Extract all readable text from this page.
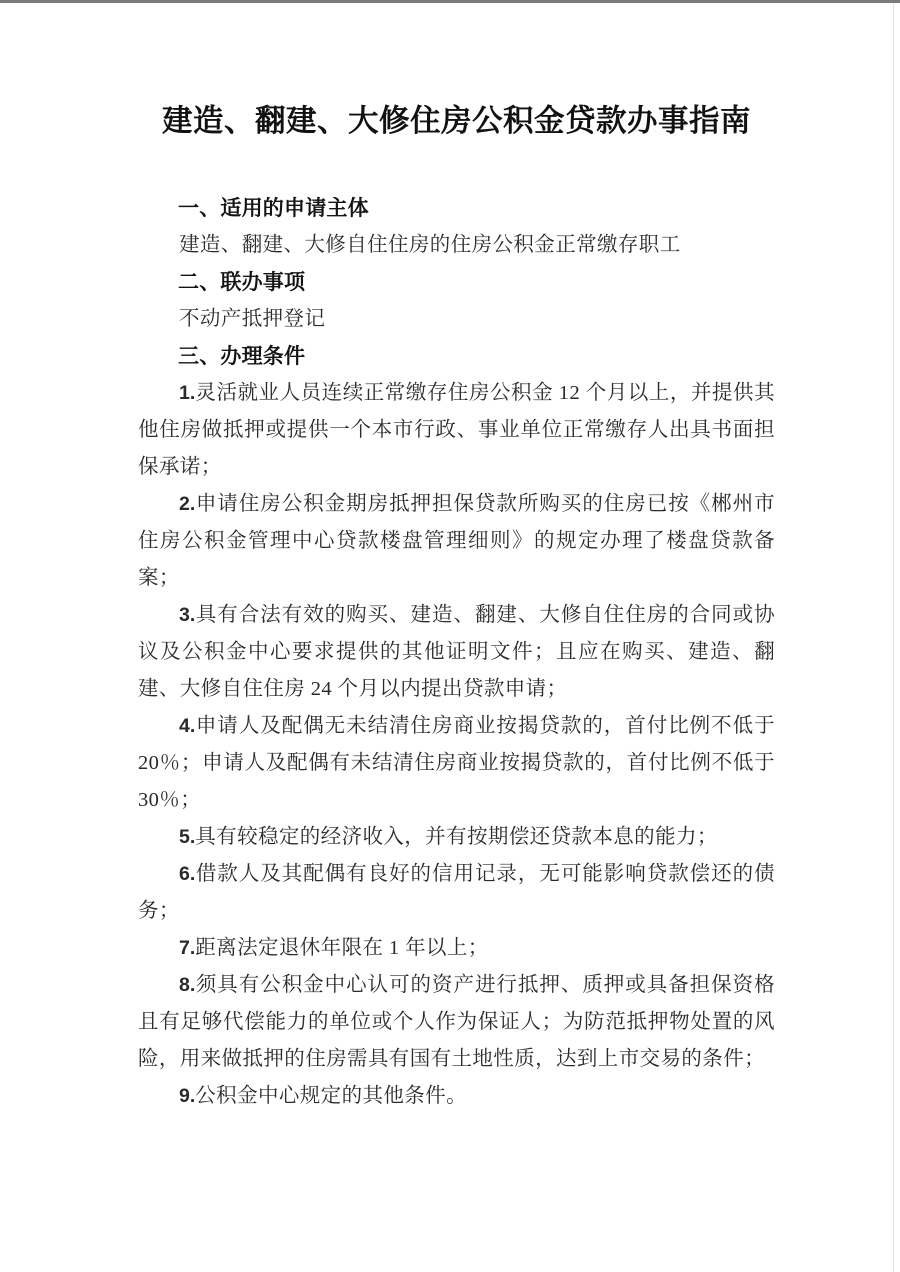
建造、翻建、大修住房公积金贷款办事指南
一、适用的申请主体
建造、翻建、大修自住住房的住房公积金正常缴存职工
二、联办事项
不动产抵押登记
三、办理条件
1.灵活就业人员连续正常缴存住房公积金 12 个月以上，并提供其他住房做抵押或提供一个本市行政、事业单位正常缴存人出具书面担保承诺；
2.申请住房公积金期房抵押担保贷款所购买的住房已按《郴州市住房公积金管理中心贷款楼盘管理细则》的规定办理了楼盘贷款备案；
3.具有合法有效的购买、建造、翻建、大修自住住房的合同或协议及公积金中心要求提供的其他证明文件；且应在购买、建造、翻建、大修自住住房 24 个月以内提出贷款申请；
4.申请人及配偶无未结清住房商业按揭贷款的，首付比例不低于 20％；申请人及配偶有未结清住房商业按揭贷款的，首付比例不低于 30％；
5.具有较稳定的经济收入，并有按期偿还贷款本息的能力；
6.借款人及其配偶有良好的信用记录，无可能影响贷款偿还的债务；
7.距离法定退休年限在 1 年以上；
8.须具有公积金中心认可的资产进行抵押、质押或具备担保资格且有足够代偿能力的单位或个人作为保证人；为防范抵押物处置的风险，用来做抵押的住房需具有国有土地性质，达到上市交易的条件；
9.公积金中心规定的其他条件。
